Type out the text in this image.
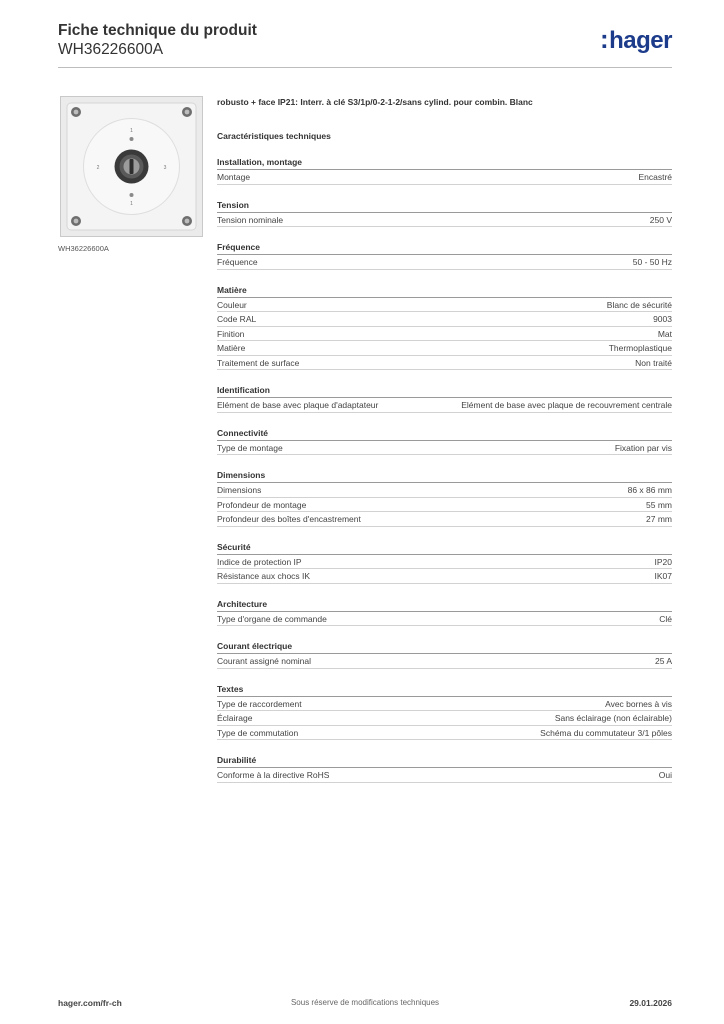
Fiche technique du produit
WH36226600A	:hager
1
2	3
1
WH36226600A
robusto + face IP21: Interr. à clé S3/1p/0-2-1-2/sans cylind. pour combin. Blanc
Caractéristiques techniques
Installation, montage
Montage	Encastré
Tension
Tension nominale	250 V
Fréquence
Fréquence	50 - 50 Hz
Matière
Couleur	Blanc de sécurité
Code RAL	9003
Finition	Mat
Matière	Thermoplastique
Traitement de surface	Non traité
Identification
Elément de base avec plaque d'adaptateur	Elément de base avec plaque de recouvrement centrale
Connectivité
Type de montage	Fixation par vis
Dimensions
Dimensions	86 x 86 mm
Profondeur de montage	55 mm
Profondeur des boîtes d'encastrement	27 mm
Sécurité
Indice de protection IP	IP20
Résistance aux chocs IK	IK07
Architecture
Type d'organe de commande	Clé
Courant électrique
Courant assigné nominal	25 A
Textes
Type de raccordement	Avec bornes à vis
Éclairage	Sans éclairage (non éclairable)
Type de commutation	Schéma du commutateur 3/1 pôles
Durabilité
Conforme à la directive RoHS	Oui
Sous réserve de modifications techniques
hager.com/fr-ch	29.01.2026
